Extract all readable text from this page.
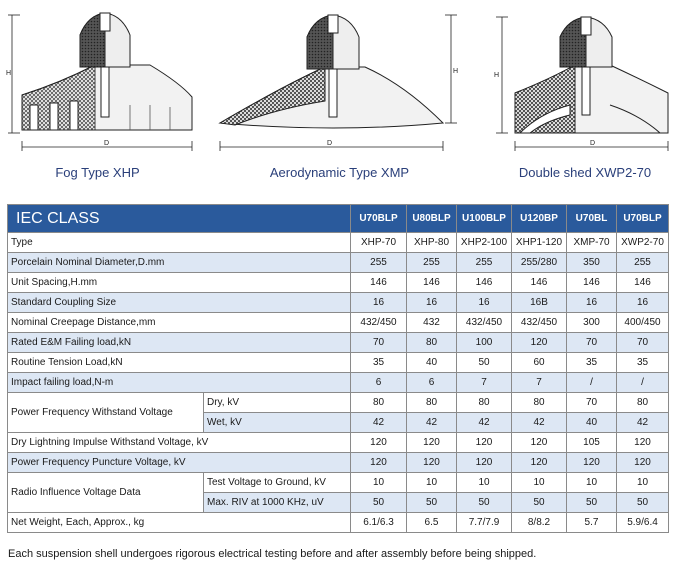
H
D
Fog Type XHP
H
D
Aerodynamic Type XMP
H
D
Double shed XWP2-70
IEC CLASS		U70BLP	U80BLP	U100BLP	U120BP	U70BL	U70BLP
Type		XHP-70	XHP-80	XHP2-100	XHP1-120	XMP-70	XWP2-70
Porcelain Nominal Diameter,D.mm		255	255	255	255/280	350	255
Unit Spacing,H.mm		146	146	146	146	146	146
Standard Coupling Size		16	16	16	16B	16	16
Nominal Creepage Distance,mm		432/450	432	432/450	432/450	300	400/450
Rated E&M Failing load,kN		70	80	100	120	70	70
Routine Tension Load,kN		35	40	50	60	35	35
Impact failing load,N-m		6	6	7	7	/	/
Power Frequency Withstand Voltage	Dry, kV	80	80	80	80	70	80
	Wet, kV	42	42	42	42	40	42
Dry Lightning Impulse Withstand Voltage, kV		120	120	120	120	105	120
Power Frequency Puncture Voltage, kV		120	120	120	120	120	120
Radio Influence Voltage Data	Test Voltage to Ground, kV	10	10	10	10	10	10
	Max. RIV at 1000 KHz, uV	50	50	50	50	50	50
Net Weight, Each, Approx., kg		6.1/6.3	6.5	7.7/7.9	8/8.2	5.7	5.9/6.4
Each suspension shell undergoes rigorous electrical testing before and after assembly before being shipped.
